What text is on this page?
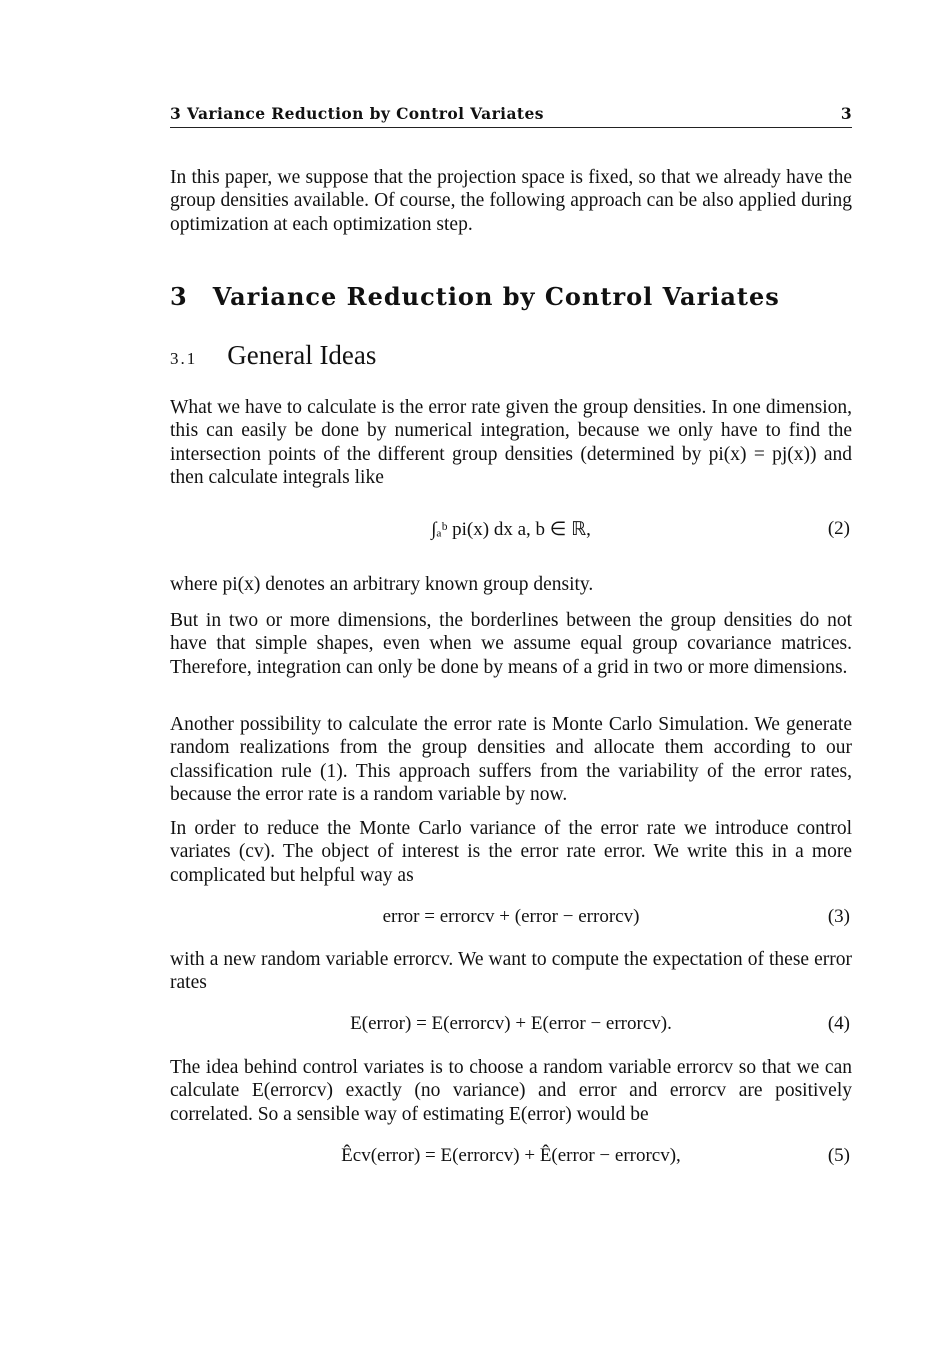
3 Variance Reduction by Control Variates	3

In this paper, we suppose that the projection space is fixed, so that we already have the group densities available. Of course, the following approach can be also applied during optimization at each optimization step.

3 Variance Reduction by Control Variates
3.1 General Ideas

What we have to calculate is the error rate given the group densities. In one dimension, this can easily be done by numerical integration, because we only have to find the intersection points of the different group densities (determined by pi(x) = pj(x)) and then calculate integrals like

∫ₐᵇ pi(x) dx a, b ∈ ℝ,	(2)

where pi(x) denotes an arbitrary known group density.

But in two or more dimensions, the borderlines between the group densities do not have that simple shapes, even when we assume equal group covariance matrices. Therefore, integration can only be done by means of a grid in two or more dimensions.

Another possibility to calculate the error rate is Monte Carlo Simulation. We generate random realizations from the group densities and allocate them according to our classification rule (1). This approach suffers from the variability of the error rates, because the error rate is a random variable by now.

In order to reduce the Monte Carlo variance of the error rate we introduce control variates (cv). The object of interest is the error rate error. We write this in a more complicated but helpful way as

error = errorcv + (error − errorcv)	(3)

with a new random variable errorcv. We want to compute the expectation of these error rates

E(error) = E(errorcv) + E(error − errorcv).	(4)

The idea behind control variates is to choose a random variable errorcv so that we can calculate E(errorcv) exactly (no variance) and error and errorcv are positively correlated. So a sensible way of estimating E(error) would be

Êcv(error) = E(errorcv) + Ê(error − errorcv),	(5)
